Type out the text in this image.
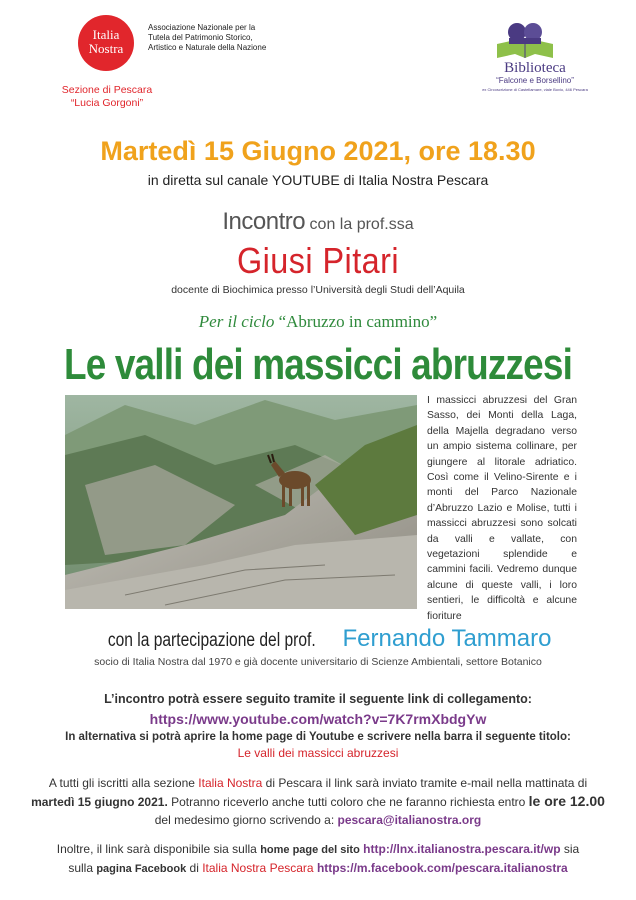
Italia
Nostra
Associazione Nazionale per la
Tutela del Patrimonio Storico,
Artistico e Naturale della Nazione
Sezione di Pescara
“Lucia Gorgoni”
Biblioteca
“Falcone e Borsellino”
ex Circoscrizione di Castellamare, viale Bovio, 446 Pescara
Martedì 15 Giugno 2021, ore 18.30
in diretta sul canale YOUTUBE di Italia Nostra Pescara
Incontro con la prof.ssa
Giusi Pitari
docente di Biochimica presso l’Università degli Studi dell’Aquila
Per il ciclo “Abruzzo in cammino”
Le valli dei massicci abruzzesi
I massicci abruzzesi del Gran Sasso, dei Monti della Laga, della Majella degradano verso un ampio sistema collinare, per giungere al litorale adriatico. Così come il Velino-Sirente e i monti del Parco Nazionale d’Abruzzo Lazio e Molise, tutti i massicci abruzzesi sono solcati da valli e vallate, con vegetazioni splendide e cammini facili. Vedremo dunque alcune di queste valli, i loro sentieri, le difficoltà e alcune fioriture
con la partecipazione del prof. Fernando Tammaro
socio di Italia Nostra dal 1970 e già docente universitario di Scienze Ambientali, settore Botanico
L’incontro potrà essere seguito tramite il seguente link di collegamento:
https://www.youtube.com/watch?v=7K7rmXbdgYw
In alternativa si potrà aprire la home page di Youtube e scrivere nella barra il seguente titolo:
Le valli dei massicci abruzzesi
A tutti gli iscritti alla sezione Italia Nostra di Pescara il link sarà inviato tramite e-mail nella mattinata di
martedì 15 giugno 2021. Potranno riceverlo anche tutti coloro che ne faranno richiesta entro le ore 12.00
del medesimo giorno scrivendo a: pescara@italianostra.org
Inoltre, il link sarà disponibile sia sulla home page del sito http://lnx.italianostra.pescara.it/wp sia
sulla pagina Facebook di Italia Nostra Pescara https://m.facebook.com/pescara.italianostra
